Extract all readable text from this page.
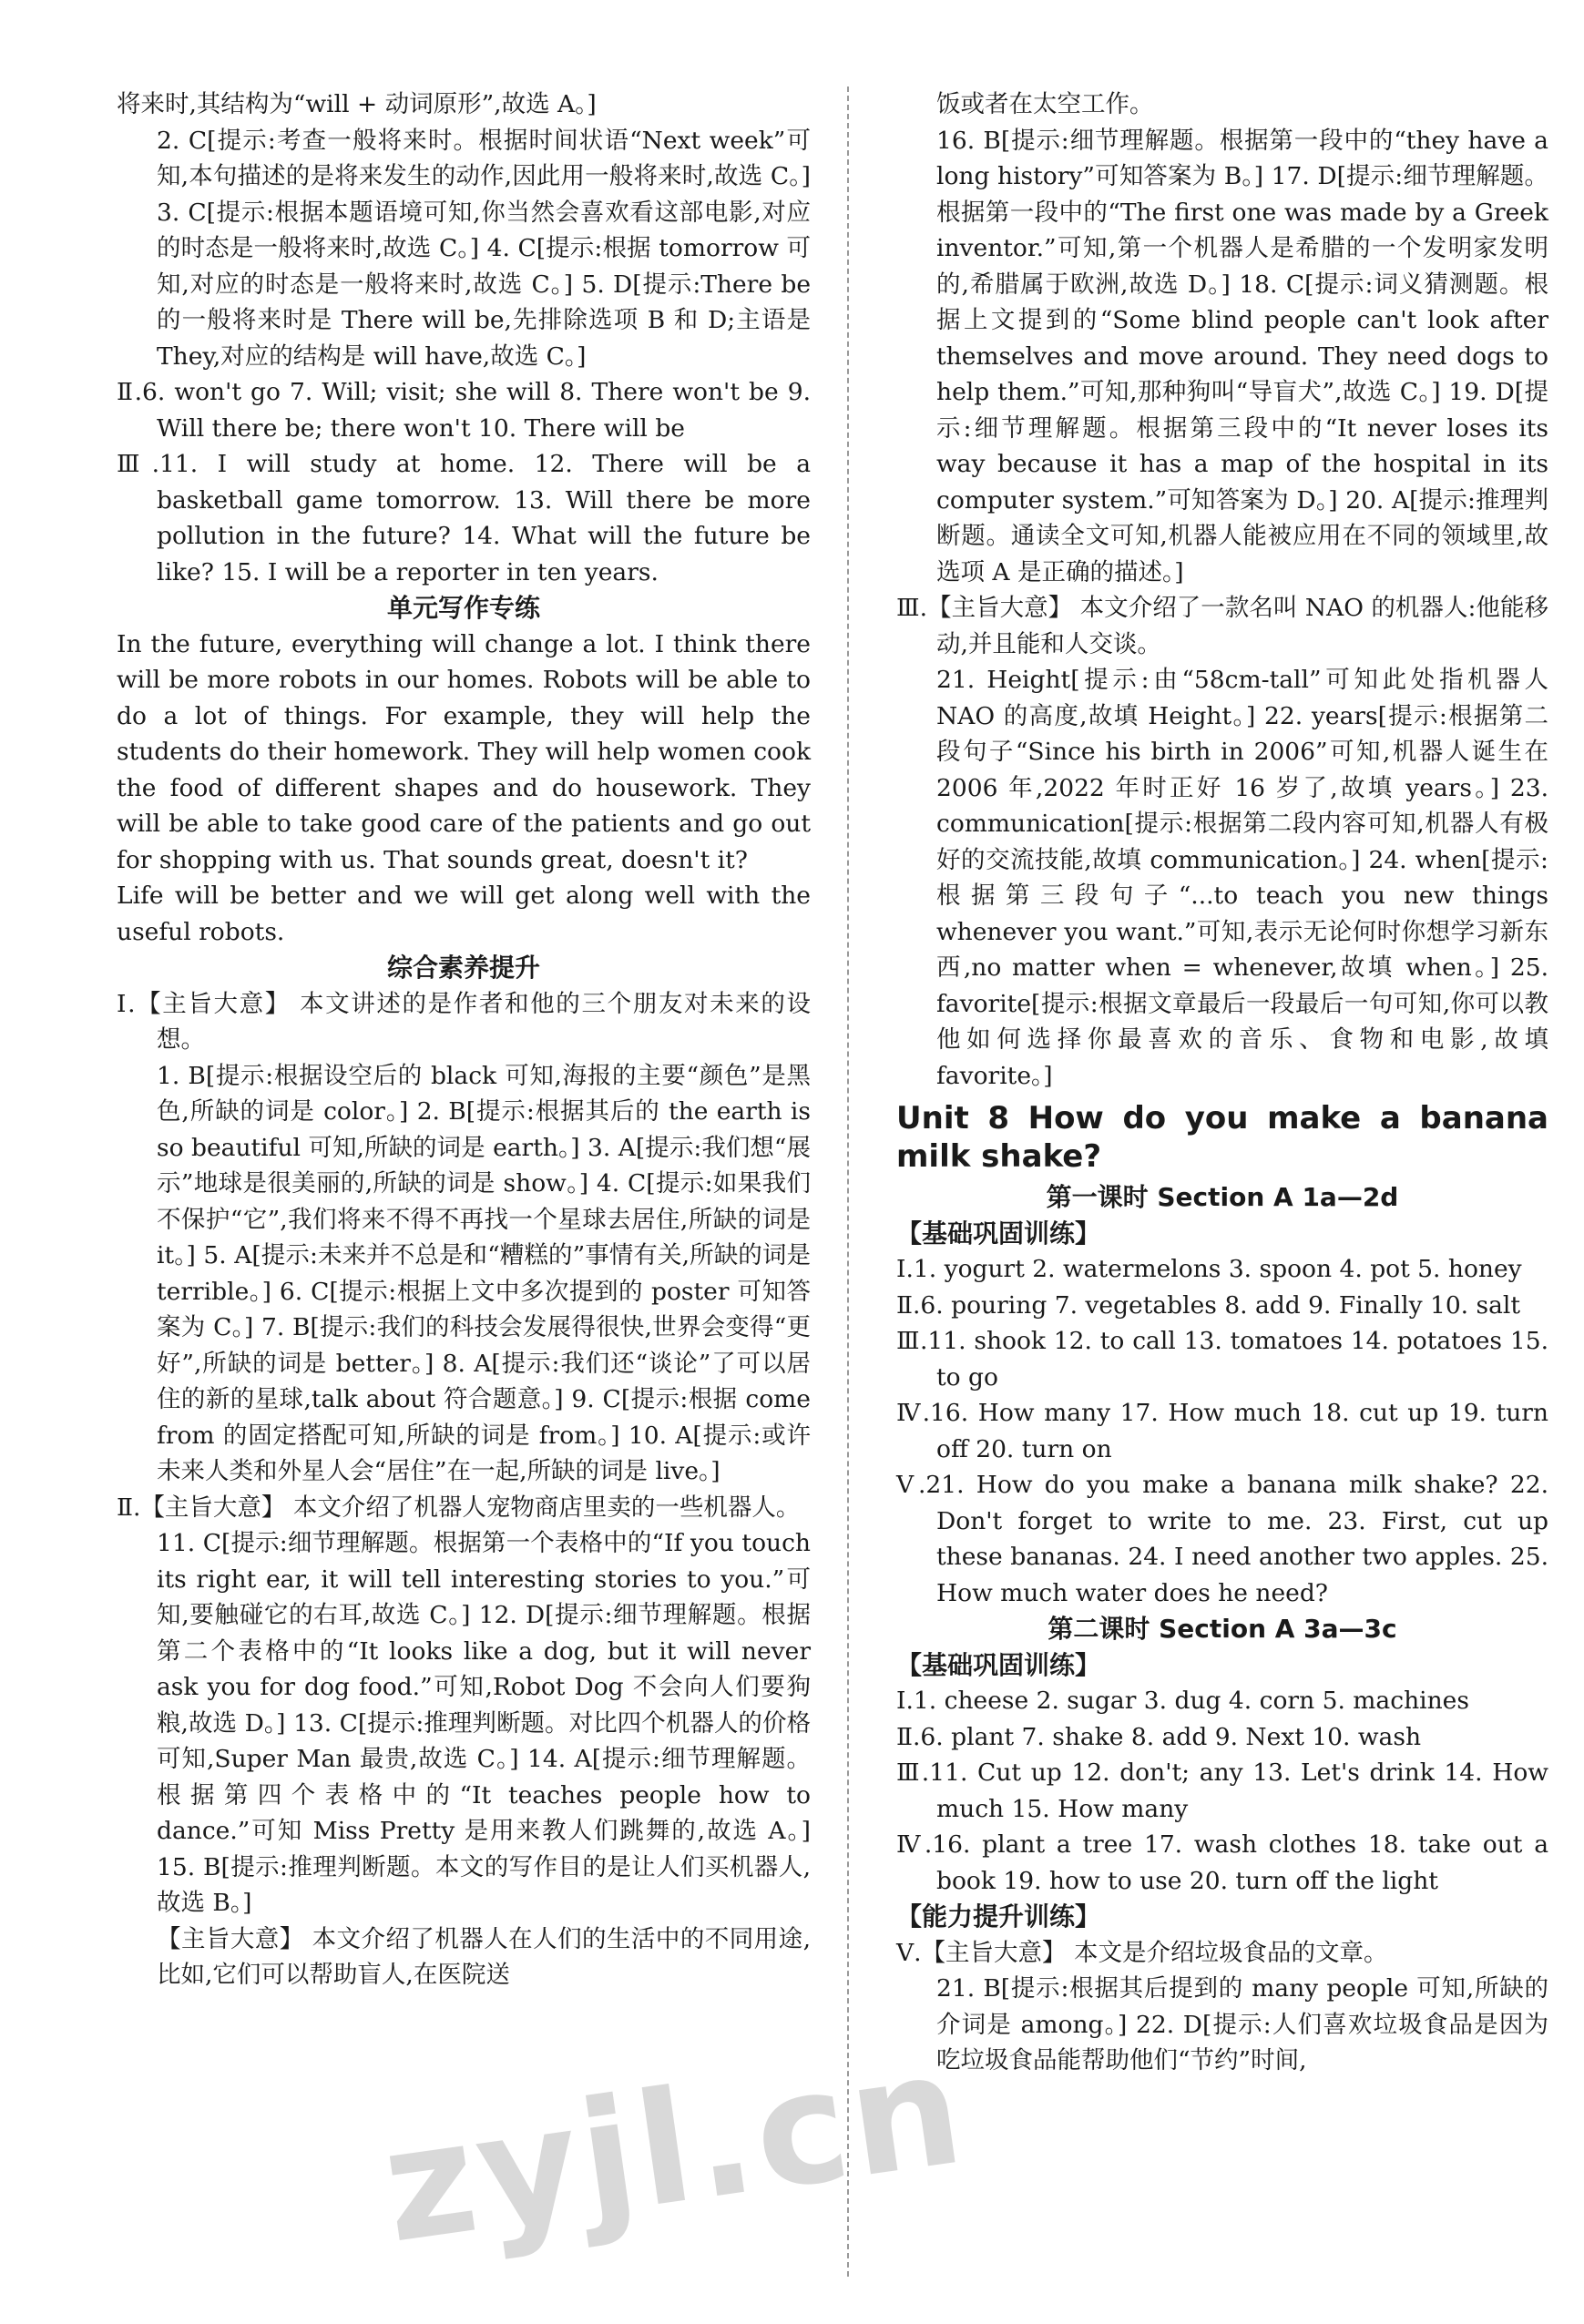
将来时,其结构为“will + 动词原形”,故选 A。]

2. C[提示:考查一般将来时。根据时间状语“Next week”可知,本句描述的是将来发生的动作,因此用一般将来时,故选 C。] 3. C[提示:根据本题语境可知,你当然会喜欢看这部电影,对应的时态是一般将来时,故选 C。] 4. C[提示:根据 tomorrow 可知,对应的时态是一般将来时,故选 C。] 5. D[提示:There be 的一般将来时是 There will be,先排除选项 B 和 D;主语是 They,对应的结构是 will have,故选 C。]

Ⅱ.6. won't go 7. Will; visit; she will 8. There won't be 9. Will there be; there won't 10. There will be

Ⅲ.11. I will study at home. 12. There will be a basketball game tomorrow. 13. Will there be more pollution in the future? 14. What will the future be like? 15. I will be a reporter in ten years.

单元写作专练

In the future, everything will change a lot. I think there will be more robots in our homes. Robots will be able to do a lot of things. For example, they will help the students do their homework. They will help women cook the food of different shapes and do housework. They will be able to take good care of the patients and go out for shopping with us. That sounds great, doesn't it?

Life will be better and we will get along well with the useful robots.

综合素养提升

Ⅰ.【主旨大意】 本文讲述的是作者和他的三个朋友对未来的设想。

1. B[提示:根据设空后的 black 可知,海报的主要“颜色”是黑色,所缺的词是 color。] 2. B[提示:根据其后的 the earth is so beautiful 可知,所缺的词是 earth。] 3. A[提示:我们想“展示”地球是很美丽的,所缺的词是 show。] 4. C[提示:如果我们不保护“它”,我们将来不得不再找一个星球去居住,所缺的词是 it。] 5. A[提示:未来并不总是和“糟糕的”事情有关,所缺的词是 terrible。] 6. C[提示:根据上文中多次提到的 poster 可知答案为 C。] 7. B[提示:我们的科技会发展得很快,世界会变得“更好”,所缺的词是 better。] 8. A[提示:我们还“谈论”了可以居住的新的星球,talk about 符合题意。] 9. C[提示:根据 come from 的固定搭配可知,所缺的词是 from。] 10. A[提示:或许未来人类和外星人会“居住”在一起,所缺的词是 live。]

Ⅱ.【主旨大意】 本文介绍了机器人宠物商店里卖的一些机器人。

11. C[提示:细节理解题。根据第一个表格中的“If you touch its right ear, it will tell interesting stories to you.”可知,要触碰它的右耳,故选 C。] 12. D[提示:细节理解题。根据第二个表格中的“It looks like a dog, but it will never ask you for dog food.”可知,Robot Dog 不会向人们要狗粮,故选 D。] 13. C[提示:推理判断题。对比四个机器人的价格可知,Super Man 最贵,故选 C。] 14. A[提示:细节理解题。根据第四个表格中的“It teaches people how to dance.”可知 Miss Pretty 是用来教人们跳舞的,故选 A。] 15. B[提示:推理判断题。本文的写作目的是让人们买机器人,故选 B。]

【主旨大意】 本文介绍了机器人在人们的生活中的不同用途,比如,它们可以帮助盲人,在医院送

饭或者在太空工作。

16. B[提示:细节理解题。根据第一段中的“they have a long history”可知答案为 B。] 17. D[提示:细节理解题。根据第一段中的“The first one was made by a Greek inventor.”可知,第一个机器人是希腊的一个发明家发明的,希腊属于欧洲,故选 D。] 18. C[提示:词义猜测题。根据上文提到的“Some blind people can't look after themselves and move around. They need dogs to help them.”可知,那种狗叫“导盲犬”,故选 C。] 19. D[提示:细节理解题。根据第三段中的“It never loses its way because it has a map of the hospital in its computer system.”可知答案为 D。] 20. A[提示:推理判断题。通读全文可知,机器人能被应用在不同的领域里,故选项 A 是正确的描述。]

Ⅲ.【主旨大意】 本文介绍了一款名叫 NAO 的机器人:他能移动,并且能和人交谈。

21. Height[提示:由“58cm-tall”可知此处指机器人 NAO 的高度,故填 Height。] 22. years[提示:根据第二段句子“Since his birth in 2006”可知,机器人诞生在 2006 年,2022 年时正好 16 岁了,故填 years。] 23. communication[提示:根据第二段内容可知,机器人有极好的交流技能,故填 communication。] 24. when[提示:根据第三段句子“...to teach you new things whenever you want.”可知,表示无论何时你想学习新东西,no matter when = whenever,故填 when。] 25. favorite[提示:根据文章最后一段最后一句可知,你可以教他如何选择你最喜欢的音乐、食物和电影,故填 favorite。]

Unit 8 How do you make a banana milk shake?

第一课时 Section A 1a—2d

【基础巩固训练】

Ⅰ.1. yogurt 2. watermelons 3. spoon 4. pot 5. honey

Ⅱ.6. pouring 7. vegetables 8. add 9. Finally 10. salt

Ⅲ.11. shook 12. to call 13. tomatoes 14. potatoes 15. to go

Ⅳ.16. How many 17. How much 18. cut up 19. turn off 20. turn on

Ⅴ.21. How do you make a banana milk shake? 22. Don't forget to write to me. 23. First, cut up these bananas. 24. I need another two apples. 25. How much water does he need?

第二课时 Section A 3a—3c

【基础巩固训练】

Ⅰ.1. cheese 2. sugar 3. dug 4. corn 5. machines

Ⅱ.6. plant 7. shake 8. add 9. Next 10. wash

Ⅲ.11. Cut up 12. don't; any 13. Let's drink 14. How much 15. How many

Ⅳ.16. plant a tree 17. wash clothes 18. take out a book 19. how to use 20. turn off the light

【能力提升训练】

Ⅴ.【主旨大意】 本文是介绍垃圾食品的文章。

21. B[提示:根据其后提到的 many people 可知,所缺的介词是 among。] 22. D[提示:人们喜欢垃圾食品是因为吃垃圾食品能帮助他们“节约”时间,

zyjl.cn
